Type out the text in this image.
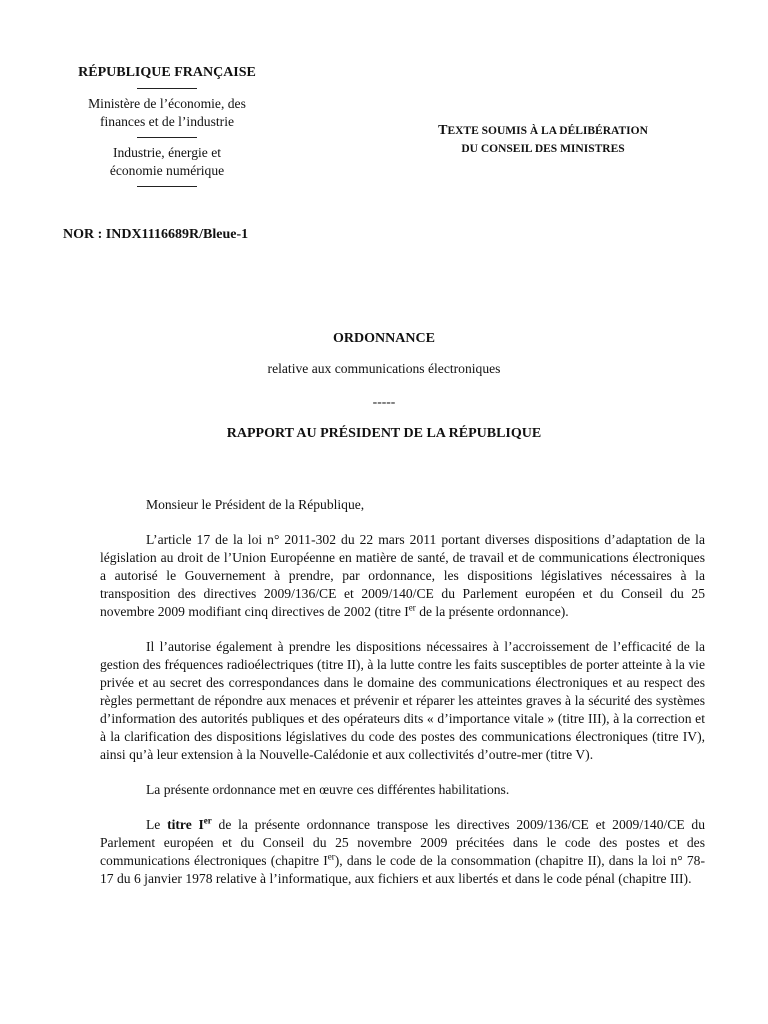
RÉPUBLIQUE FRANÇAISE
Ministère de l’économie, des
finances et de l’industrie
Industrie, énergie et
économie numérique
NOR : INDX1116689R/Bleue-1
TEXTE SOUMIS À LA DÉLIBÉRATION
DU CONSEIL DES MINISTRES
ORDONNANCE
relative aux communications électroniques
-----
RAPPORT AU PRÉSIDENT DE LA RÉPUBLIQUE

Monsieur le Président de la République,

L’article 17 de la loi n° 2011-302 du 22 mars 2011 portant diverses dispositions d’adaptation de la législation au droit de l’Union Européenne en matière de santé, de travail et de communications électroniques a autorisé le Gouvernement à prendre, par ordonnance, les dispositions législatives nécessaires à la transposition des directives 2009/136/CE et 2009/140/CE du Parlement européen et du Conseil du 25 novembre 2009 modifiant cinq directives de 2002 (titre Ier de la présente ordonnance).

Il l’autorise également à prendre les dispositions nécessaires à l’accroissement de l’efficacité de la gestion des fréquences radioélectriques (titre II), à la lutte contre les faits susceptibles de porter atteinte à la vie privée et au secret des correspondances dans le domaine des communications électroniques et au respect des règles permettant de répondre aux menaces et prévenir et réparer les atteintes graves à la sécurité des systèmes d’information des autorités publiques et des opérateurs dits « d’importance vitale » (titre III), à la correction et à la clarification des dispositions législatives du code des postes des communications électroniques (titre IV), ainsi qu’à leur extension à la Nouvelle-Calédonie et aux collectivités d’outre-mer (titre V).

La présente ordonnance met en œuvre ces différentes habilitations.

Le titre Ier de la présente ordonnance transpose les directives 2009/136/CE et 2009/140/CE du Parlement européen et du Conseil du 25 novembre 2009 précitées dans le code des postes et des communications électroniques (chapitre Ier), dans le code de la consommation (chapitre II), dans la loi n° 78-17 du 6 janvier 1978 relative à l’informatique, aux fichiers et aux libertés et dans le code pénal (chapitre III).
